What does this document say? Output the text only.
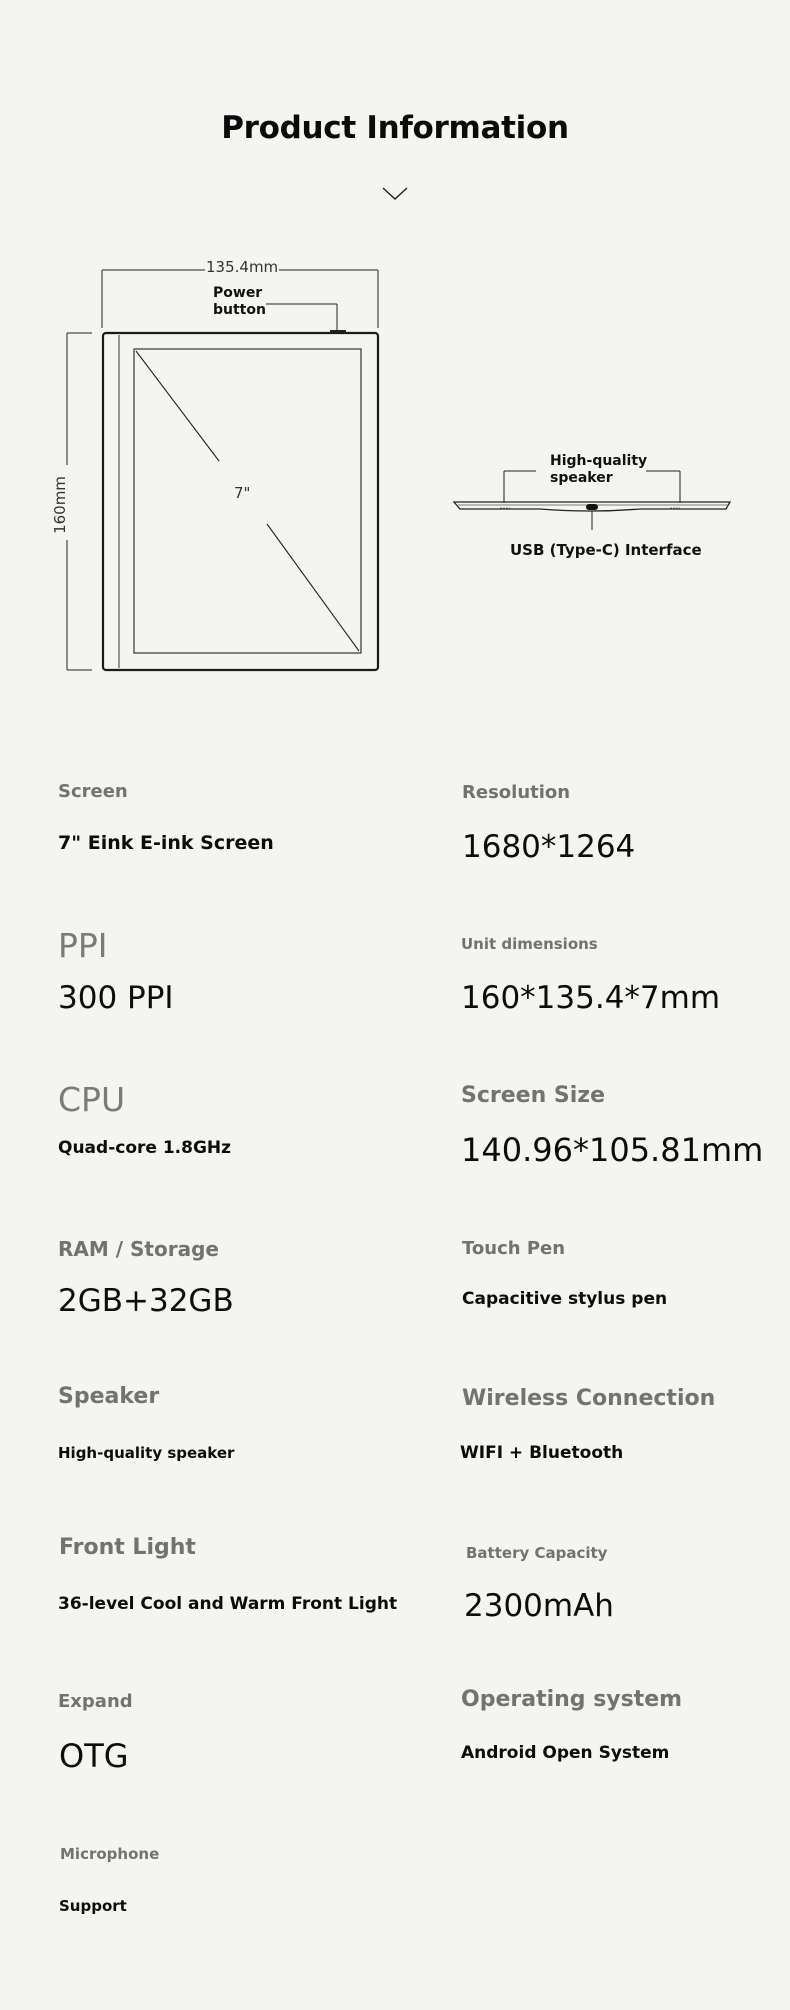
Product Information
135.4mm
160mm	7"
Power
button
High-quality
speaker
USB (Type-C) Interface
Screen
7" Eink E-ink Screen
Resolution
1680*1264
PPI
300 PPI
Unit dimensions
160*135.4*7mm
CPU
Quad-core 1.8GHz
Screen Size
140.96*105.81mm
RAM / Storage
2GB+32GB
Touch Pen
Capacitive stylus pen
Speaker
High-quality speaker
Wireless Connection
WIFI + Bluetooth
Front Light
36-level Cool and Warm Front Light
Battery Capacity
2300mAh
Expand
OTG
Operating system
Android Open System
Microphone
Support
